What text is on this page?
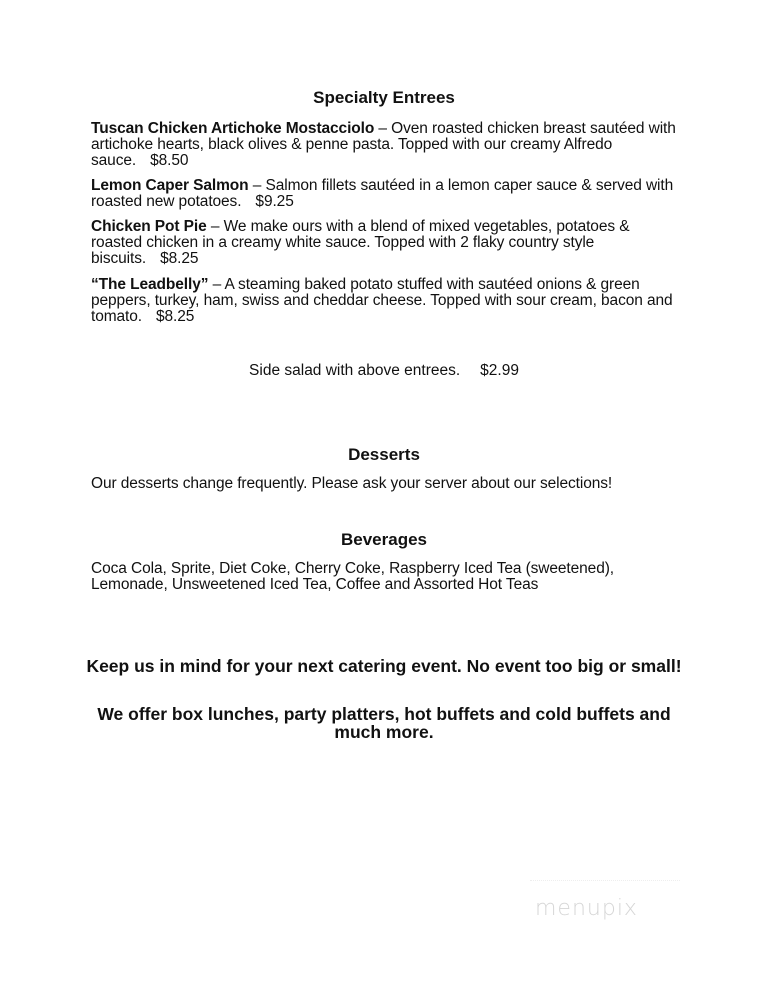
Specialty Entrees
Tuscan Chicken Artichoke Mostacciolo – Oven roasted chicken breast sautéed with artichoke hearts, black olives & penne pasta. Topped with our creamy Alfredo sauce. $8.50
Lemon Caper Salmon – Salmon fillets sautéed in a lemon caper sauce & served with roasted new potatoes. $9.25
Chicken Pot Pie – We make ours with a blend of mixed vegetables, potatoes & roasted chicken in a creamy white sauce. Topped with 2 flaky country style biscuits. $8.25
“The Leadbelly” – A steaming baked potato stuffed with sautéed onions & green peppers, turkey, ham, swiss and cheddar cheese. Topped with sour cream, bacon and tomato. $8.25
Side salad with above entrees. $2.99
Desserts
Our desserts change frequently. Please ask your server about our selections!
Beverages
Coca Cola, Sprite, Diet Coke, Cherry Coke, Raspberry Iced Tea (sweetened), Lemonade, Unsweetened Iced Tea, Coffee and Assorted Hot Teas
Keep us in mind for your next catering event. No event too big or small!
We offer box lunches, party platters, hot buffets and cold buffets and much more.
menupix
